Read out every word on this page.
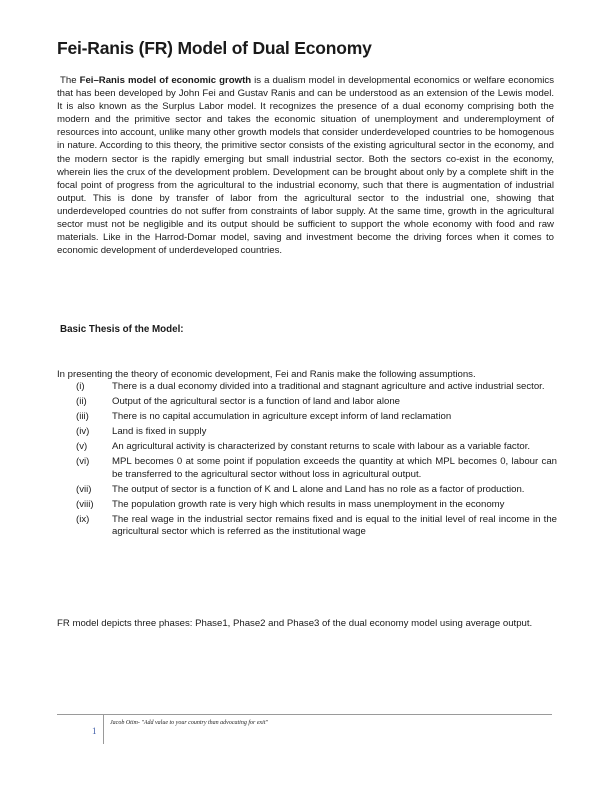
Fei-Ranis (FR) Model of Dual Economy

The Fei–Ranis model of economic growth is a dualism model in developmental economics or welfare economics that has been developed by John Fei and Gustav Ranis and can be understood as an extension of the Lewis model. It is also known as the Surplus Labor model. It recognizes the presence of a dual economy comprising both the modern and the primitive sector and takes the economic situation of unemployment and underemployment of resources into account, unlike many other growth models that consider underdeveloped countries to be homogenous in nature. According to this theory, the primitive sector consists of the existing agricultural sector in the economy, and the modern sector is the rapidly emerging but small industrial sector. Both the sectors co-exist in the economy, wherein lies the crux of the development problem. Development can be brought about only by a complete shift in the focal point of progress from the agricultural to the industrial economy, such that there is augmentation of industrial output. This is done by transfer of labor from the agricultural sector to the industrial one, showing that underdeveloped countries do not suffer from constraints of labor supply. At the same time, growth in the agricultural sector must not be negligible and its output should be sufficient to support the whole economy with food and raw materials. Like in the Harrod-Domar model, saving and investment become the driving forces when it comes to economic development of underdeveloped countries.

Basic Thesis of the Model:
In presenting the theory of economic development, Fei and Ranis make the following assumptions.
(i)	There is a dual economy divided into a traditional and stagnant agriculture and active industrial sector.
(ii)	Output of the agricultural sector is a function of land and labor alone
(iii) There is no capital accumulation in agriculture except inform of land reclamation
(iv) Land is fixed in supply
(v)	An agricultural activity is characterized by constant returns to scale with labour as a variable factor.
(vi) MPL becomes 0 at some point if population exceeds the quantity at which MPL becomes 0, labour can be transferred to the agricultural sector without loss in agricultural output.
(vii) The output of sector is a function of K and L alone and Land has no role as a factor of production.
(viii) The population growth rate is very high which results in mass unemployment in the economy
(ix) The real wage in the industrial sector remains fixed and is equal to the initial level of real income in the agricultural sector which is referred as the institutional wage

FR model depicts three phases: Phase1, Phase2 and Phase3 of the dual economy model using average output.

1
Jacob Otim- "Add value to your country than advocating for exit"
